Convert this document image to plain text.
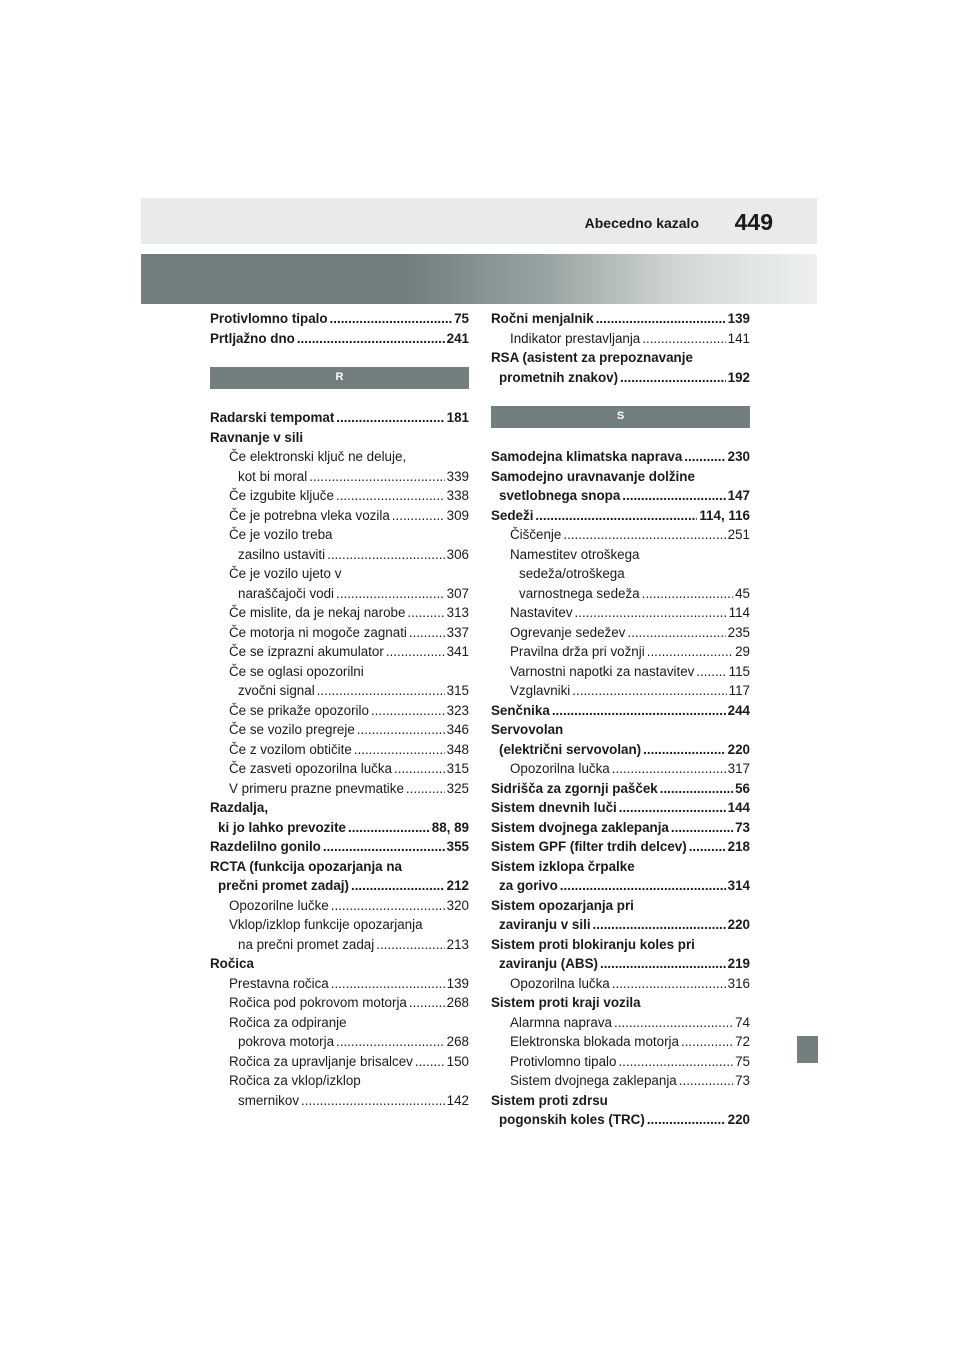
Abecedno kazalo 449
Protivlomno tipalo .....	75
Prtljažno dno .....	241
R
Radarski tempomat .....	181
Ravnanje v sili
Če elektronski ključ ne deluje,
kot bi moral .....	339
Če izgubite ključe .....	338
Če je potrebna vleka vozila .....	309
Če je vozilo treba
zasilno ustaviti .....	306
Če je vozilo ujeto v
naraščajoči vodi .....	307
Če mislite, da je nekaj narobe .....	313
Če motorja ni mogoče zagnati .....	337
Če se izprazni akumulator .....	341
Če se oglasi opozorilni
zvočni signal .....	315
Če se prikaže opozorilo .....	323
Če se vozilo pregreje .....	346
Če z vozilom obtičite .....	348
Če zasveti opozorilna lučka .....	315
V primeru prazne pnevmatike .....	325
Razdalja,
ki jo lahko prevozite .....	88, 89
Razdelilno gonilo .....	355
RCTA (funkcija opozarjanja na
prečni promet zadaj) .....	212
Opozorilne lučke .....	320
Vklop/izklop funkcije opozarjanja
na prečni promet zadaj .....	213
Ročica
Prestavna ročica .....	139
Ročica pod pokrovom motorja .....	268
Ročica za odpiranje
pokrova motorja .....	268
Ročica za upravljanje brisalcev .....	150
Ročica za vklop/izklop
smernikov .....	142
Ročni menjalnik .....	139
Indikator prestavljanja .....	141
RSA (asistent za prepoznavanje
prometnih znakov) .....	192
S
Samodejna klimatska naprava .....	230
Samodejno uravnavanje dolžine
svetlobnega snopa .....	147
Sedeži .....	114, 116
Čiščenje .....	251
Namestitev otroškega
sedeža/otroškega
varnostnega sedeža .....	45
Nastavitev .....	114
Ogrevanje sedežev .....	235
Pravilna drža pri vožnji .....	29
Varnostni napotki za nastavitev .....	115
Vzglavniki .....	117
Senčnika .....	244
Servovolan
(električni servovolan) .....	220
Opozorilna lučka .....	317
Sidrišča za zgornji pašček .....	56
Sistem dnevnih luči .....	144
Sistem dvojnega zaklepanja .....	73
Sistem GPF (filter trdih delcev) .....	218
Sistem izklopa črpalke
za gorivo .....	314
Sistem opozarjanja pri
zaviranju v sili .....	220
Sistem proti blokiranju koles pri
zaviranju (ABS) .....	219
Opozorilna lučka .....	316
Sistem proti kraji vozila
Alarmna naprava .....	74
Elektronska blokada motorja .....	72
Protivlomno tipalo .....	75
Sistem dvojnega zaklepanja .....	73
Sistem proti zdrsu
pogonskih koles (TRC) .....	220
